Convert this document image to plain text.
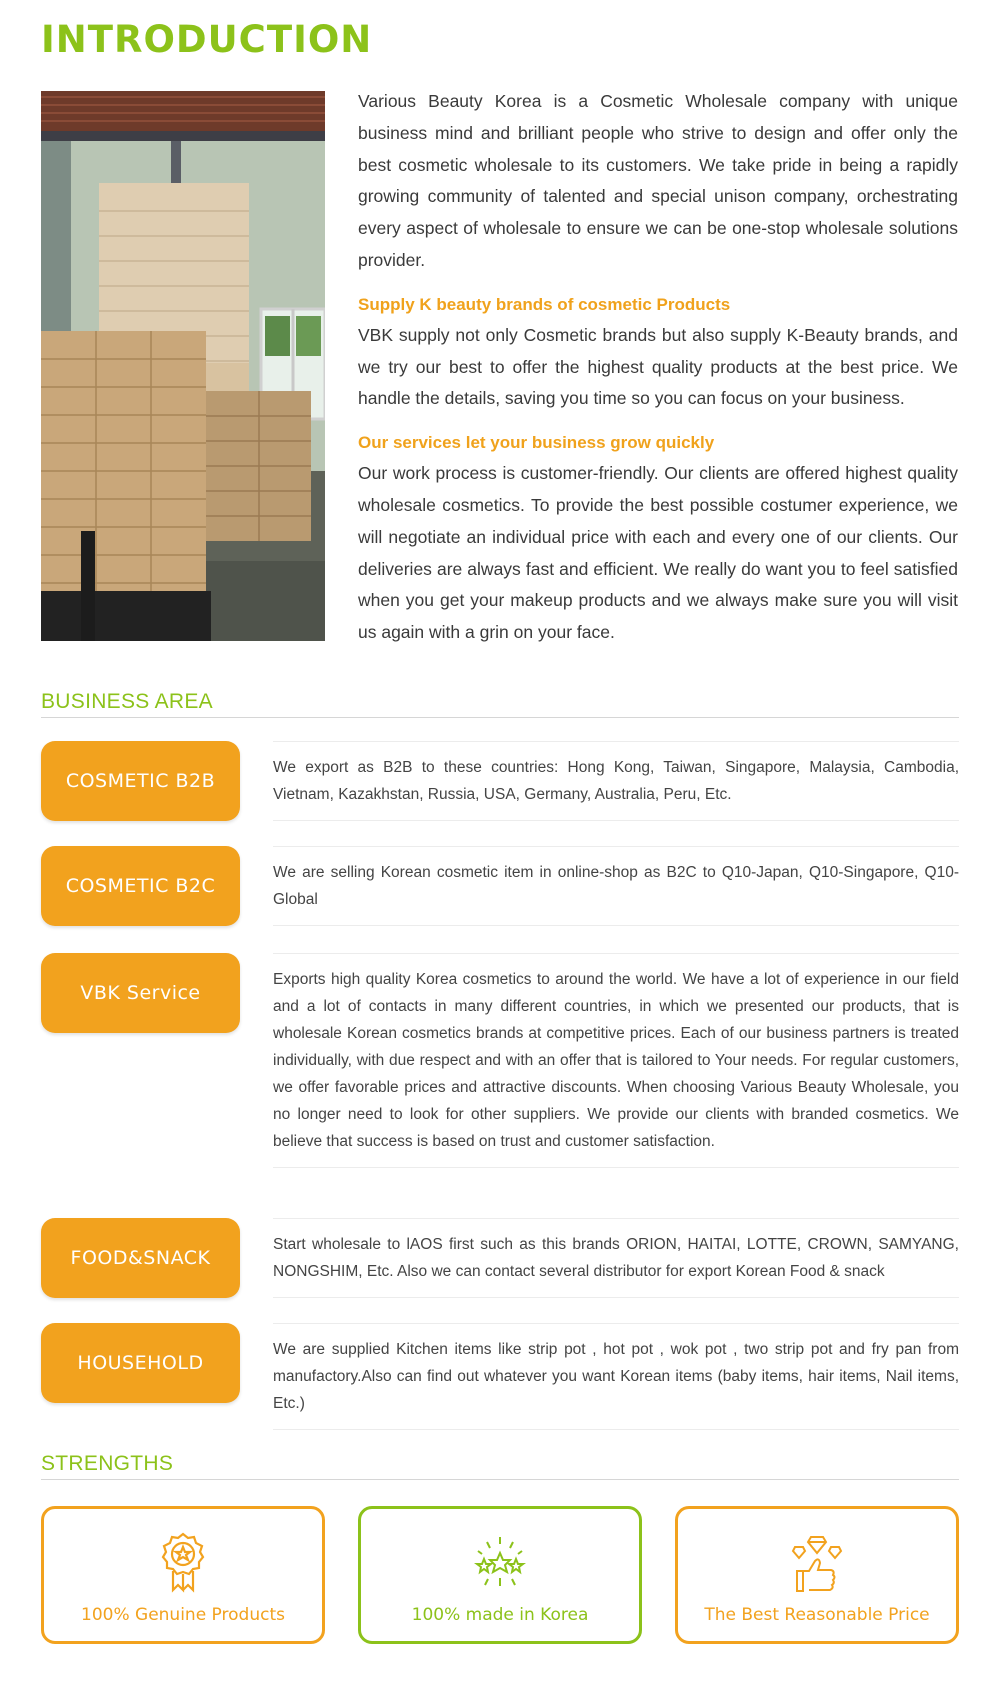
INTRODUCTION

Various Beauty Korea is a Cosmetic Wholesale company with unique business mind and brilliant people who strive to design and offer only the best cosmetic wholesale to its customers. We take pride in being a rapidly growing community of talented and special unison company, orchestrating every aspect of wholesale to ensure we can be one-stop wholesale solutions provider.

Supply K beauty brands of cosmetic Products

VBK supply not only Cosmetic brands but also supply K-Beauty brands, and we try our best to offer the highest quality products at the best price. We handle the details, saving you time so you can focus on your business.

Our services let your business grow quickly

Our work process is customer-friendly. Our clients are offered highest quality wholesale cosmetics. To provide the best possible costumer experience, we will negotiate an individual price with each and every one of our clients. Our deliveries are always fast and efficient. We really do want you to feel satisfied when you get your makeup products and we always make sure you will visit us again with a grin on your face.

BUSINESS AREA
COSMETIC B2B
We export as B2B to these countries: Hong Kong, Taiwan, Singapore, Malaysia, Cambodia, Vietnam, Kazakhstan, Russia, USA, Germany, Australia, Peru, Etc.
COSMETIC B2C
We are selling Korean cosmetic item in online-shop as B2C to Q10-Japan, Q10-Singapore, Q10-Global
VBK Service
Exports high quality Korea cosmetics to around the world. We have a lot of experience in our field and a lot of contacts in many different countries, in which we presented our products, that is wholesale Korean cosmetics brands at competitive prices. Each of our business partners is treated individually, with due respect and with an offer that is tailored to Your needs. For regular customers, we offer favorable prices and attractive discounts. When choosing Various Beauty Wholesale, you no longer need to look for other suppliers. We provide our clients with branded cosmetics. We believe that success is based on trust and customer satisfaction.
FOOD&SNACK
Start wholesale to lAOS first such as this brands ORION, HAITAI, LOTTE, CROWN, SAMYANG, NONGSHIM, Etc. Also we can contact several distributor for export Korean Food & snack
HOUSEHOLD
We are supplied Kitchen items like strip pot , hot pot , wok pot , two strip pot and fry pan from manufactory.Also can find out whatever you want Korean items (baby items, hair items, Nail items, Etc.)
STRENGTHS
100% Genuine Products	100% made in Korea	The Best Reasonable Price
